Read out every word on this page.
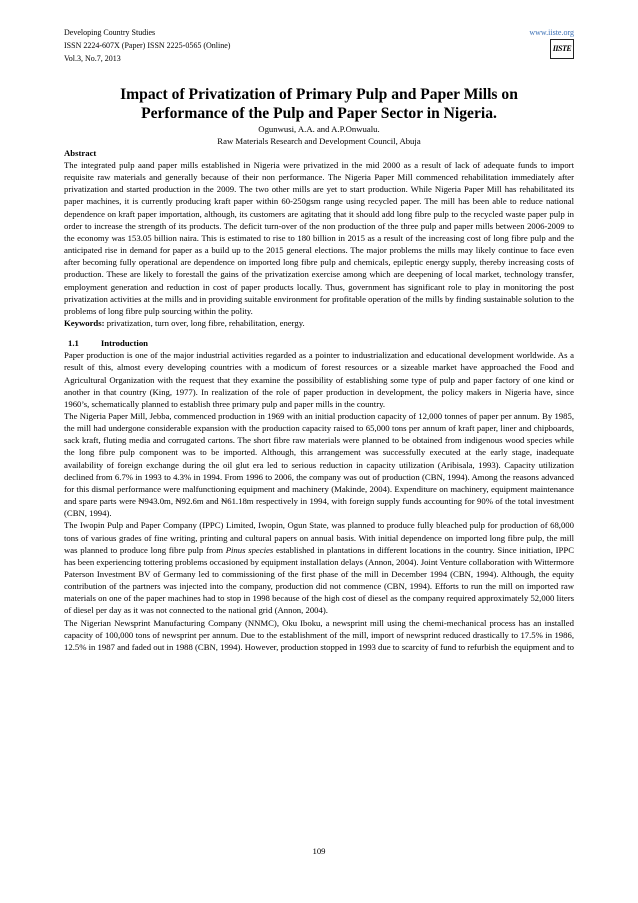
Developing Country Studies
ISSN 2224-607X (Paper) ISSN 2225-0565 (Online)
Vol.3, No.7, 2013
www.iiste.org
IISTE
Impact of Privatization of Primary Pulp and Paper Mills on Performance of the Pulp and Paper Sector in Nigeria.
Ogunwusi, A.A. and A.P.Onwualu.
Raw Materials Research and Development Council, Abuja
Abstract

The integrated pulp aand paper mills established in Nigeria were privatized in the mid 2000 as a result of lack of adequate funds to import requisite raw materials and generally because of their non performance. The Nigeria Paper Mill commenced rehabilitation immediately after privatization and started production in the 2009. The two other mills are yet to start production. While Nigeria Paper Mill has rehabilitated its paper machines, it is currently producing kraft paper within 60-250gsm range using recycled paper. The mill has been able to reduce national dependence on kraft paper importation, although, its customers are agitating that it should add long fibre pulp to the recycled waste paper pulp in order to increase the strength of its products. The deficit turn-over of the non production of the three pulp and paper mills between 2006-2009 to the economy was 153.05 billion naira. This is estimated to rise to 180 billion in 2015 as a result of the increasing cost of long fibre pulp and the anticipated rise in demand for paper as a build up to the 2015 general elections. The major problems the mills may likely continue to face even after becoming fully operational are dependence on imported long fibre pulp and chemicals, epileptic energy supply, thereby increasing costs of production. These are likely to forestall the gains of the privatization exercise among which are deepening of local market, technology transfer, employment generation and reduction in cost of paper products locally. Thus, government has significant role to play in monitoring the post privatization activities at the mills and in providing suitable environment for profitable operation of the mills by finding sustainable solution to the problems of long fibre pulp sourcing within the polity.

Keywords: privatization, turn over, long fibre, rehabilitation, energy.

1.1	Introduction

Paper production is one of the major industrial activities regarded as a pointer to industrialization and educational development worldwide. As a result of this, almost every developing countries with a modicum of forest resources or a sizeable market have approached the Food and Agricultural Organization with the request that they examine the possibility of establishing some type of pulp and paper factory of one kind or another in that country (King, 1977). In realization of the role of paper production in development, the policy makers in Nigeria have, since 1960’s, schematically planned to establish three primary pulp and paper mills in the country.

The Nigeria Paper Mill, Jebba, commenced production in 1969 with an initial production capacity of 12,000 tonnes of paper per annum. By 1985, the mill had undergone considerable expansion with the production capacity raised to 65,000 tons per annum of kraft paper, liner and chipboards, sack kraft, fluting media and corrugated cartons. The short fibre raw materials were planned to be obtained from indigenous wood species while the long fibre pulp component was to be imported. Although, this arrangement was successfully executed at the early stage, inadequate availability of foreign exchange during the oil glut era led to serious reduction in capacity utilization (Aribisala, 1993). Capacity utilization declined from 6.7% in 1993 to 4.3% in 1994. From 1996 to 2006, the company was out of production (CBN, 1994). Among the reasons advanced for this dismal performance were malfunctioning equipment and machinery (Makinde, 2004). Expenditure on machinery, equipment maintenance and spare parts were ₦943.0m, ₦92.6m and ₦61.18m respectively in 1994, with foreign supply funds accounting for 90% of the total investment (CBN, 1994).

The Iwopin Pulp and Paper Company (IPPC) Limited, Iwopin, Ogun State, was planned to produce fully bleached pulp for production of 68,000 tons of various grades of fine writing, printing and cultural papers on annual basis. With initial dependence on imported long fibre pulp, the mill was planned to produce long fibre pulp from Pinus species established in plantations in different locations in the country. Since initiation, IPPC has been experiencing tottering problems occasioned by equipment installation delays (Annon, 2004). Joint Venture collaboration with Wittermore Paterson Investment BV of Germany led to commissioning of the first phase of the mill in December 1994 (CBN, 1994). Although, the equity contribution of the partners was injected into the company, production did not commence (CBN, 1994). Efforts to run the mill on imported raw materials on one of the paper machines had to stop in 1998 because of the high cost of diesel as the company required approximately 52,000 liters of diesel per day as it was not connected to the national grid (Annon, 2004).

The Nigerian Newsprint Manufacturing Company (NNMC), Oku Iboku, a newsprint mill using the chemi-mechanical process has an installed capacity of 100,000 tons of newsprint per annum. Due to the establishment of the mill, import of newsprint reduced drastically to 17.5% in 1986, 12.5% in 1987 and faded out in 1988 (CBN, 1994). However, production stopped in 1993 due to scarcity of fund to refurbish the equipment and to

109
